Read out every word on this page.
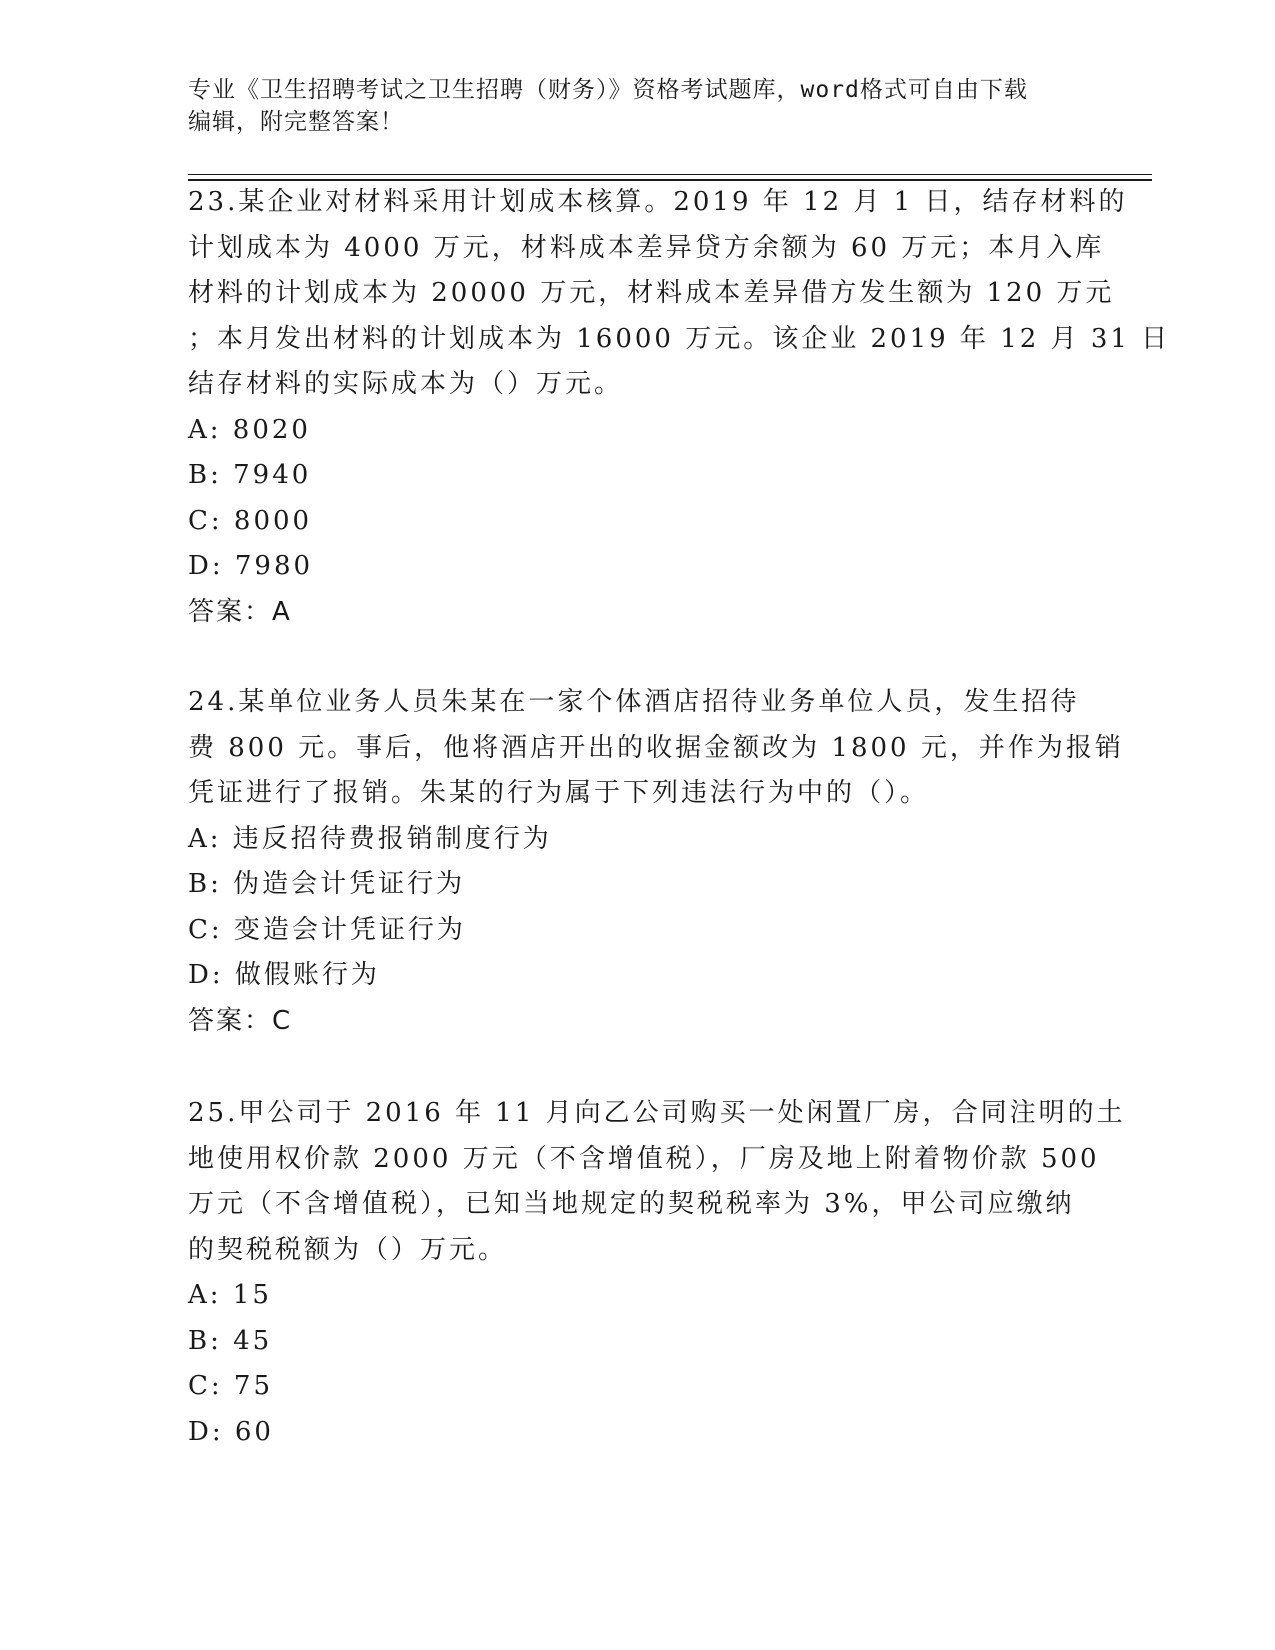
专业《卫生招聘考试之卫生招聘（财务）》资格考试题库，word格式可自由下载
编辑，附完整答案！
23.某企业对材料采用计划成本核算。2019 年 12 月 1 日，结存材料的
计划成本为 4000 万元，材料成本差异贷方余额为 60 万元；本月入库
材料的计划成本为 20000 万元，材料成本差异借方发生额为 120 万元
；本月发出材料的计划成本为 16000 万元。该企业 2019 年 12 月 31 日
结存材料的实际成本为（）万元。
A: 8020
B: 7940
C: 8000
D: 7980
答案：A
24.某单位业务人员朱某在一家个体酒店招待业务单位人员，发生招待
费 800 元。事后，他将酒店开出的收据金额改为 1800 元，并作为报销
凭证进行了报销。朱某的行为属于下列违法行为中的（）。
A: 违反招待费报销制度行为
B: 伪造会计凭证行为
C: 变造会计凭证行为
D: 做假账行为
答案：C
25.甲公司于 2016 年 11 月向乙公司购买一处闲置厂房，合同注明的土
地使用权价款 2000 万元（不含增值税），厂房及地上附着物价款 500
万元（不含增值税），已知当地规定的契税税率为 3%，甲公司应缴纳
的契税税额为（）万元。
A: 15
B: 45
C: 75
D: 60
